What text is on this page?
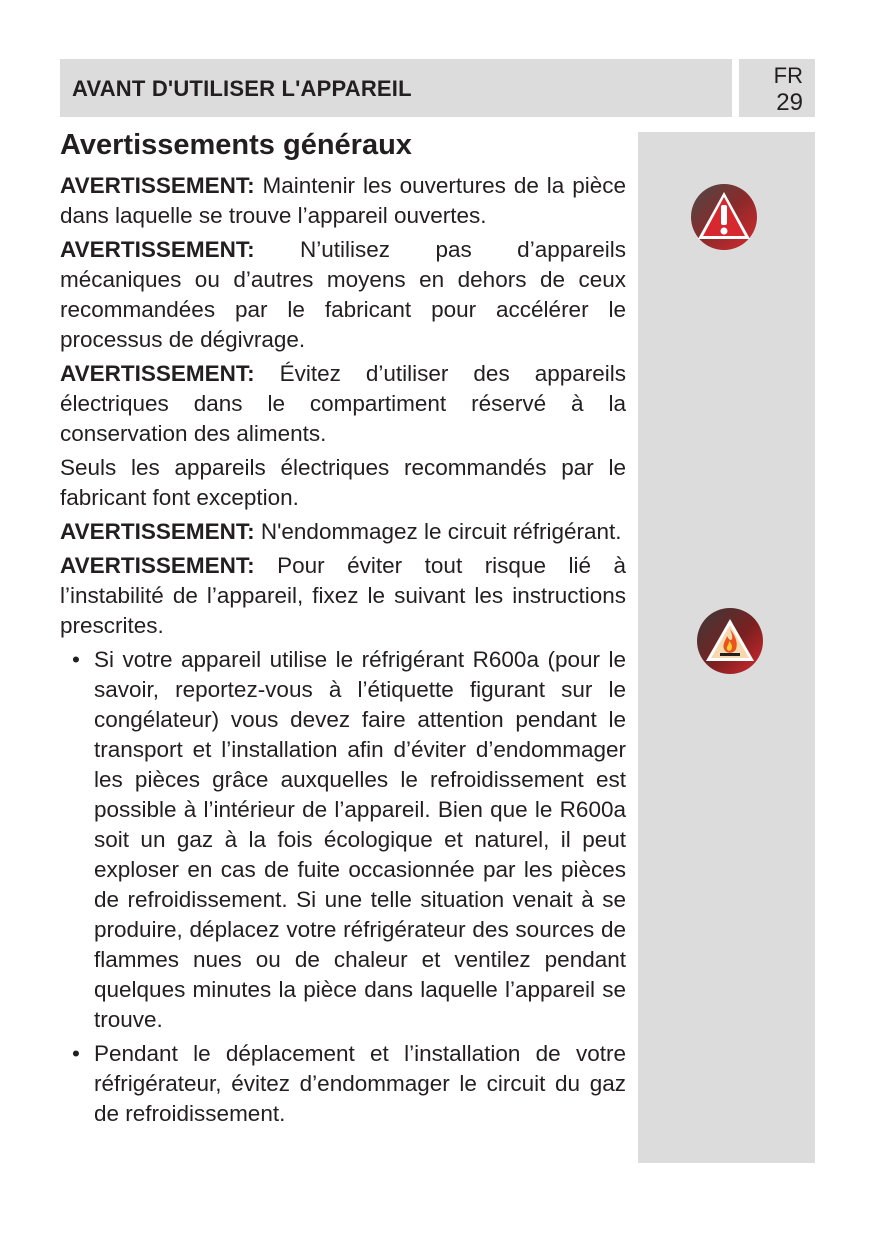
AVANT D'UTILISER L'APPAREIL
FR
29
Avertissements généraux

AVERTISSEMENT: Maintenir les ouvertures de la pièce dans laquelle se trouve l’appareil ouvertes.

AVERTISSEMENT: N’utilisez pas d’appareils mécaniques ou d’autres moyens en dehors de ceux recommandées par le fabricant pour accélérer le processus de dégivrage.

AVERTISSEMENT: Évitez d’utiliser des appareils électriques dans le compartiment réservé à la conservation des aliments.

Seuls les appareils électriques recommandés par le fabricant font exception.

AVERTISSEMENT: N'endommagez le circuit réfrigérant.

AVERTISSEMENT: Pour éviter tout risque lié à l’instabilité de l’appareil, fixez le suivant les instructions prescrites.

• Si votre appareil utilise le réfrigérant R600a (pour le savoir, reportez-vous à l’étiquette figurant sur le congélateur) vous devez faire attention pendant le transport et l’installation afin d’éviter d’endommager les pièces grâce auxquelles le refroidissement est possible à l’intérieur de l’appareil. Bien que le R600a soit un gaz à la fois écologique et naturel, il peut exploser en cas de fuite occasionnée par les pièces de refroidissement. Si une telle situation venait à se produire, déplacez votre réfrigérateur des sources de flammes nues ou de chaleur et ventilez pendant quelques minutes la pièce dans laquelle l’appareil se trouve.
• Pendant le déplacement et l’installation de votre réfrigérateur, évitez d’endommager le circuit du gaz de refroidissement.
